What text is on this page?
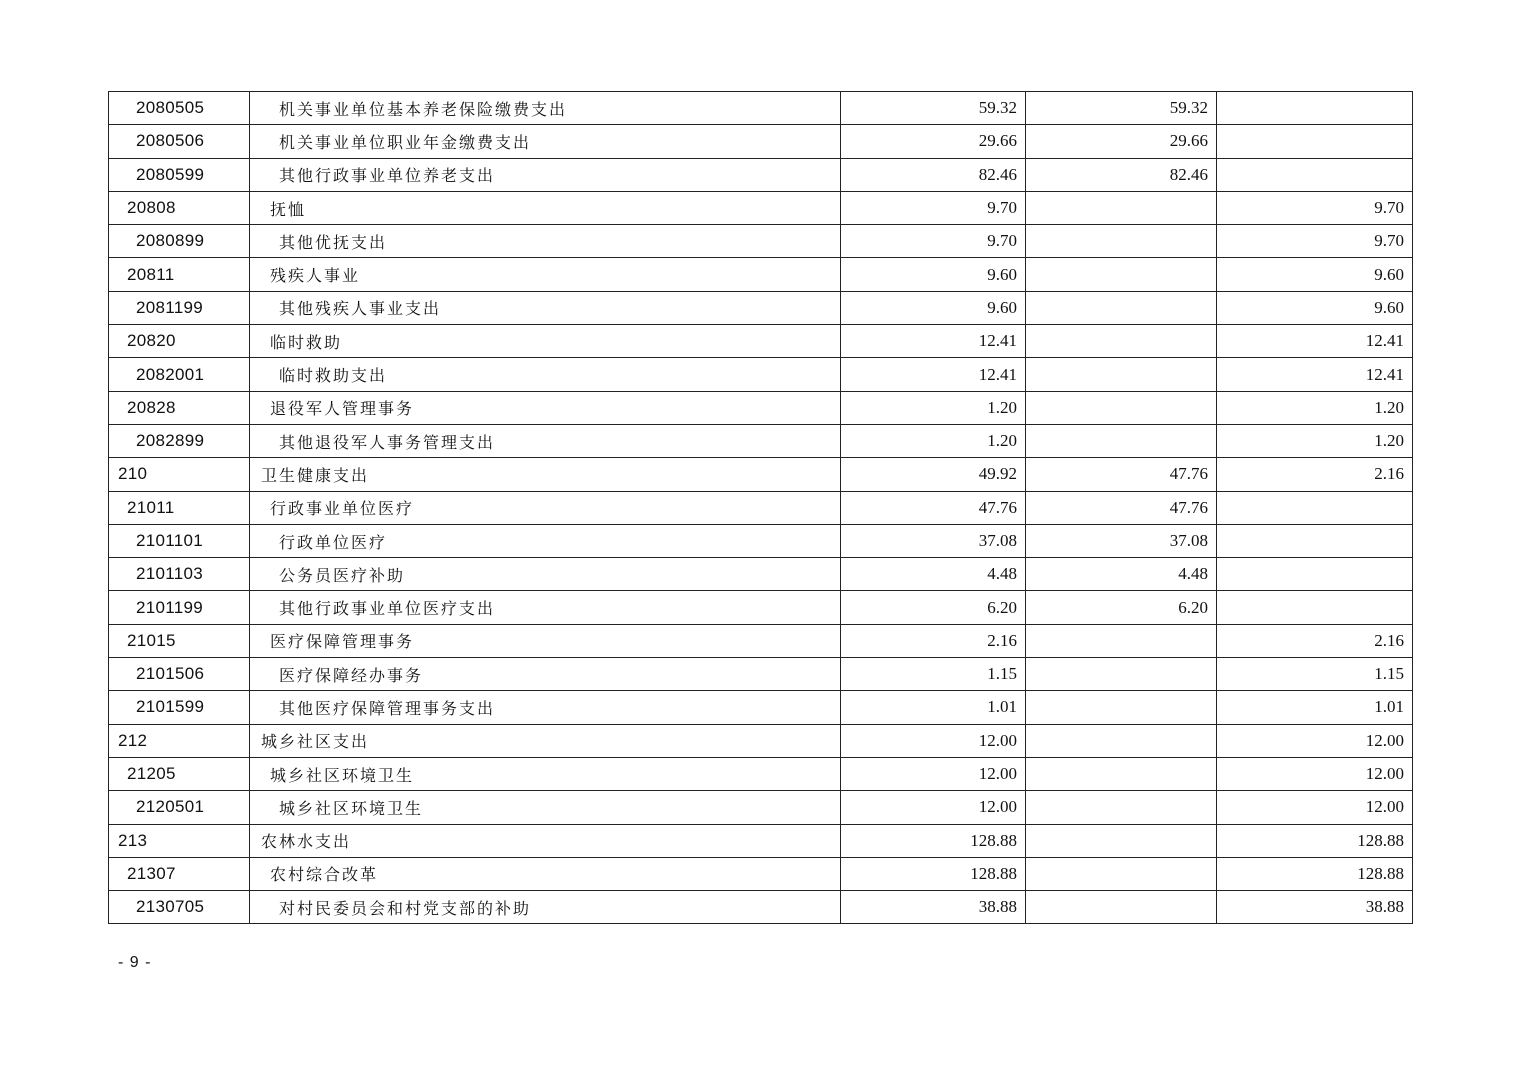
2080505	机关事业单位基本养老保险缴费支出	59.32	59.32	
2080506	机关事业单位职业年金缴费支出	29.66	29.66	
2080599	其他行政事业单位养老支出	82.46	82.46	
20808	抚恤	9.70		9.70
2080899	其他优抚支出	9.70		9.70
20811	残疾人事业	9.60		9.60
2081199	其他残疾人事业支出	9.60		9.60
20820	临时救助	12.41		12.41
2082001	临时救助支出	12.41		12.41
20828	退役军人管理事务	1.20		1.20
2082899	其他退役军人事务管理支出	1.20		1.20
210	卫生健康支出	49.92	47.76	2.16
21011	行政事业单位医疗	47.76	47.76	
2101101	行政单位医疗	37.08	37.08	
2101103	公务员医疗补助	4.48	4.48	
2101199	其他行政事业单位医疗支出	6.20	6.20	
21015	医疗保障管理事务	2.16		2.16
2101506	医疗保障经办事务	1.15		1.15
2101599	其他医疗保障管理事务支出	1.01		1.01
212	城乡社区支出	12.00		12.00
21205	城乡社区环境卫生	12.00		12.00
2120501	城乡社区环境卫生	12.00		12.00
213	农林水支出	128.88		128.88
21307	农村综合改革	128.88		128.88
2130705	对村民委员会和村党支部的补助	38.88		38.88
- 9 -
